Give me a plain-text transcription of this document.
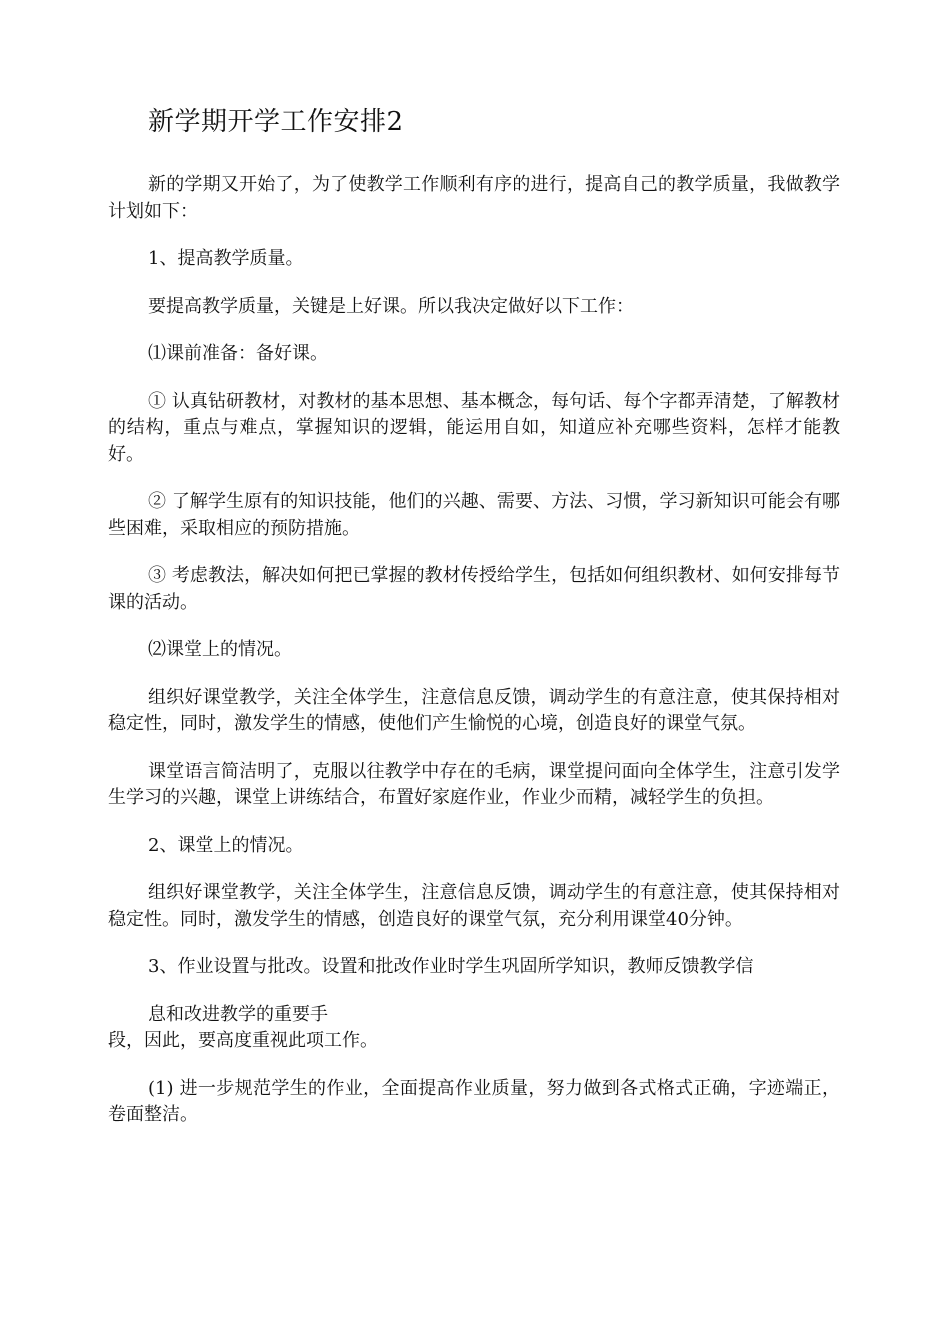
新学期开学工作安排2

新的学期又开始了，为了使教学工作顺利有序的进行，提高自己的教学质量，我做教学计划如下：

1、提高教学质量。

要提高教学质量，关键是上好课。所以我决定做好以下工作：

⑴课前准备：备好课。

① 认真钻研教材，对教材的基本思想、基本概念，每句话、每个字都弄清楚，了解教材的结构，重点与难点，掌握知识的逻辑，能运用自如，知道应补充哪些资料，怎样才能教好。

② 了解学生原有的知识技能，他们的兴趣、需要、方法、习惯，学习新知识可能会有哪些困难，采取相应的预防措施。

③ 考虑教法，解决如何把已掌握的教材传授给学生，包括如何组织教材、如何安排每节课的活动。

⑵课堂上的情况。

组织好课堂教学，关注全体学生，注意信息反馈，调动学生的有意注意，使其保持相对稳定性，同时，激发学生的情感，使他们产生愉悦的心境，创造良好的课堂气氛。

课堂语言简洁明了，克服以往教学中存在的毛病，课堂提问面向全体学生，注意引发学生学习的兴趣，课堂上讲练结合，布置好家庭作业，作业少而精，减轻学生的负担。

2、课堂上的情况。

组织好课堂教学，关注全体学生，注意信息反馈，调动学生的有意注意，使其保持相对稳定性。同时，激发学生的情感，创造良好的课堂气氛，充分利用课堂40分钟。

3、作业设置与批改。设置和批改作业时学生巩固所学知识，教师反馈教学信

息和改进教学的重要手

段，因此，要高度重视此项工作。

(1) 进一步规范学生的作业，全面提高作业质量，努力做到各式格式正确，字迹端正，卷面整洁。
